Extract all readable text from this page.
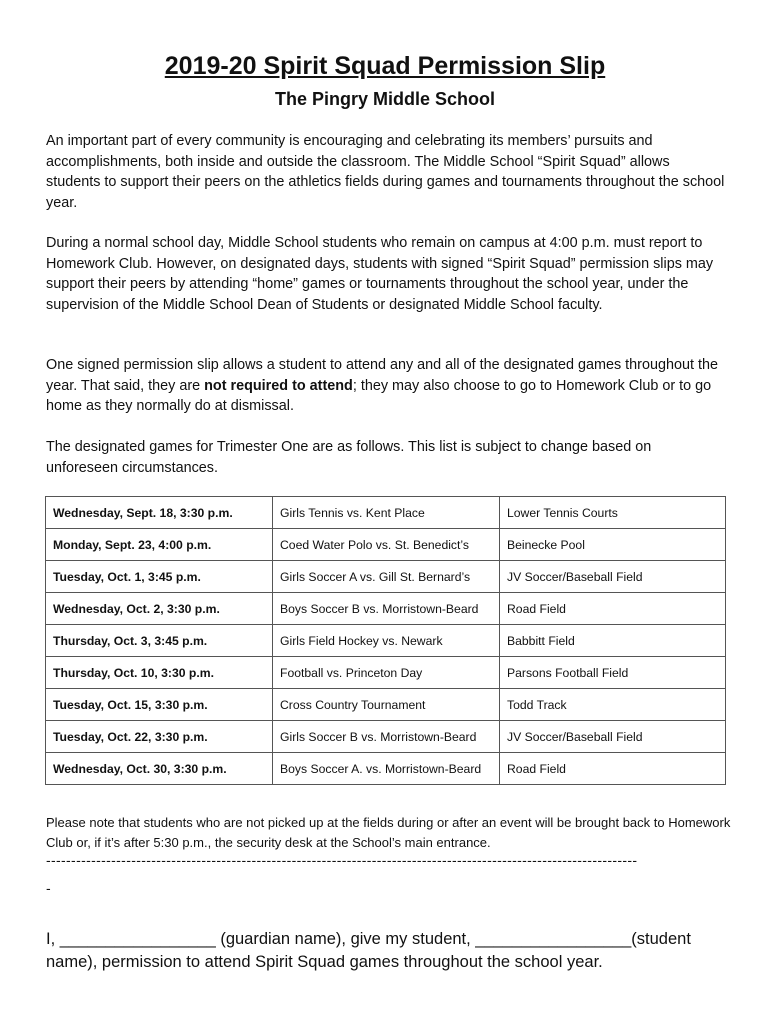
2019-20 Spirit Squad Permission Slip
The Pingry Middle School

An important part of every community is encouraging and celebrating its members’ pursuits and accomplishments, both inside and outside the classroom. The Middle School “Spirit Squad” allows students to support their peers on the athletics fields during games and tournaments throughout the school year.

During a normal school day, Middle School students who remain on campus at 4:00 p.m. must report to Homework Club. However, on designated days, students with signed “Spirit Squad” permission slips may support their peers by attending “home” games or tournaments throughout the school year, under the supervision of the Middle School Dean of Students or designated Middle School faculty.

One signed permission slip allows a student to attend any and all of the designated games throughout the year. That said, they are not required to attend; they may also choose to go to Homework Club or to go home as they normally do at dismissal.

The designated games for Trimester One are as follows. This list is subject to change based on unforeseen circumstances.

Wednesday, Sept. 18, 3:30 p.m.	Girls Tennis vs. Kent Place	Lower Tennis Courts
Monday, Sept. 23, 4:00 p.m.	Coed Water Polo vs. St. Benedict’s	Beinecke Pool
Tuesday, Oct. 1, 3:45 p.m.	Girls Soccer A vs. Gill St. Bernard’s	JV Soccer/Baseball Field
Wednesday, Oct. 2, 3:30 p.m.	Boys Soccer B vs. Morristown-Beard	Road Field
Thursday, Oct. 3, 3:45 p.m.	Girls Field Hockey vs. Newark	Babbitt Field
Thursday, Oct. 10, 3:30 p.m.	Football vs. Princeton Day	Parsons Football Field
Tuesday, Oct. 15, 3:30 p.m.	Cross Country Tournament	Todd Track
Tuesday, Oct. 22, 3:30 p.m.	Girls Soccer B vs. Morristown-Beard	JV Soccer/Baseball Field
Wednesday, Oct. 30, 3:30 p.m.	Boys Soccer A. vs. Morristown-Beard	Road Field

Please note that students who are not picked up at the fields during or after an event will be brought back to Homework Club or, if it’s after 5:30 p.m., the security desk at the School’s main entrance.

----------------------------------------------------------------------------------------------------------------------
-

I, _________________ (guardian name), give my student, _________________(student name), permission to attend Spirit Squad games throughout the school year.
